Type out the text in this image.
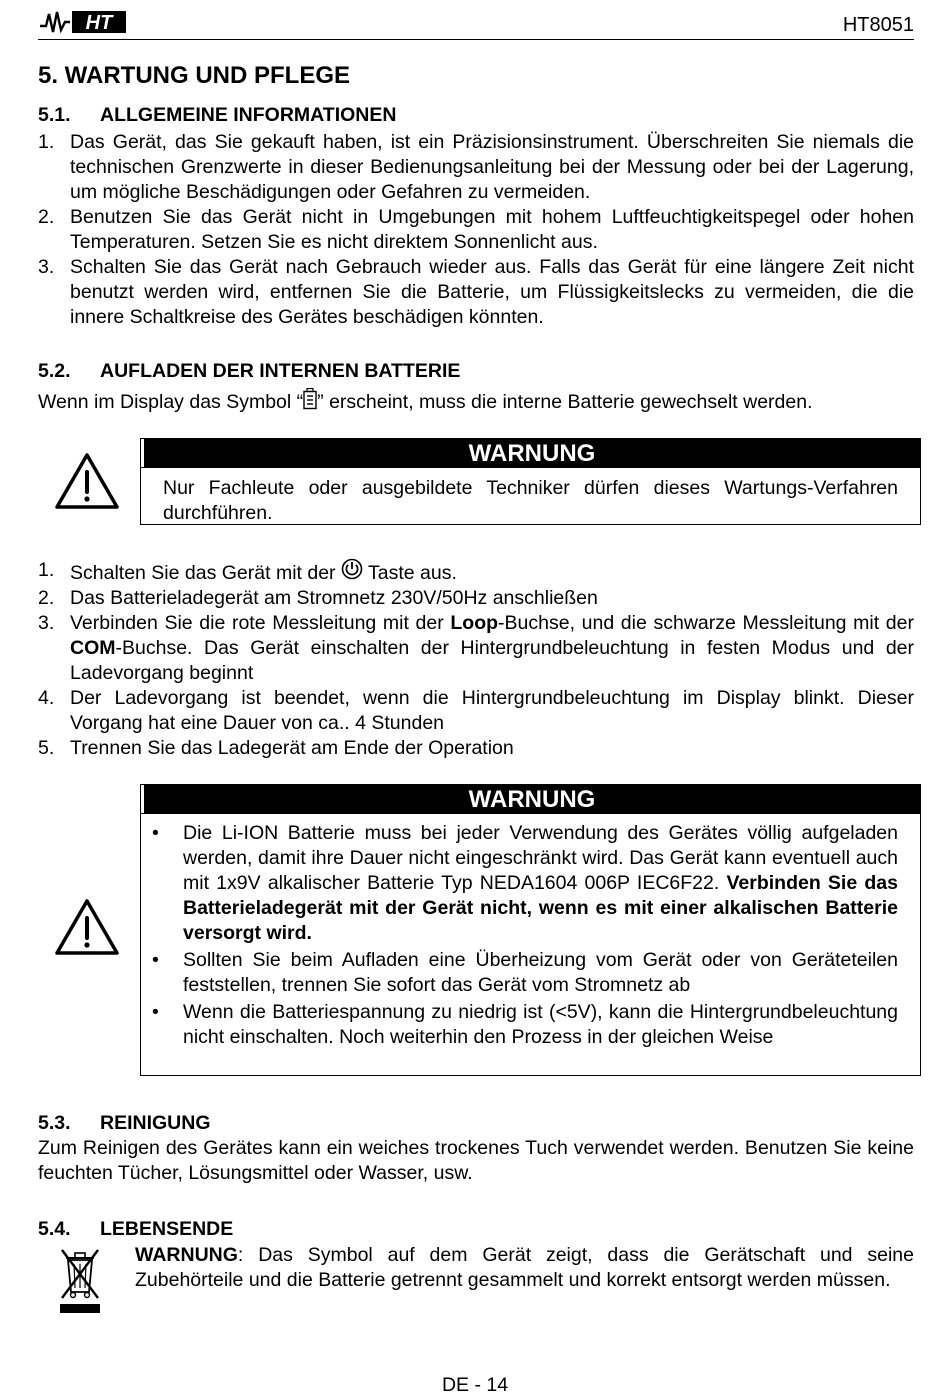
HT	HT8051
5. WARTUNG UND PFLEGE
5.1. ALLGEMEINE INFORMATIONEN
1. Das Gerät, das Sie gekauft haben, ist ein Präzisionsinstrument. Überschreiten Sie niemals die technischen Grenzwerte in dieser Bedienungsanleitung bei der Messung oder bei der Lagerung, um mögliche Beschädigungen oder Gefahren zu vermeiden.
2. Benutzen Sie das Gerät nicht in Umgebungen mit hohem Luftfeuchtigkeitspegel oder hohen Temperaturen. Setzen Sie es nicht direktem Sonnenlicht aus.
3. Schalten Sie das Gerät nach Gebrauch wieder aus. Falls das Gerät für eine längere Zeit nicht benutzt werden wird, entfernen Sie die Batterie, um Flüssigkeitslecks zu vermeiden, die die innere Schaltkreise des Gerätes beschädigen könnten.
5.2. AUFLADEN DER INTERNEN BATTERIE
Wenn im Display das Symbol “ ” erscheint, muss die interne Batterie gewechselt werden.
WARNUNG

Nur Fachleute oder ausgebildete Techniker dürfen dieses Wartungs-Verfahren durchführen.

1. Schalten Sie das Gerät mit der  Taste aus.
2. Das Batterieladegerät am Stromnetz 230V/50Hz anschließen
3. Verbinden Sie die rote Messleitung mit der Loop-Buchse, und die schwarze Messleitung mit der COM-Buchse. Das Gerät einschalten der Hintergrundbeleuchtung in festen Modus und der Ladevorgang beginnt
4. Der Ladevorgang ist beendet, wenn die Hintergrundbeleuchtung im Display blinkt. Dieser Vorgang hat eine Dauer von ca.. 4 Stunden
5. Trennen Sie das Ladegerät am Ende der Operation
WARNUNG
• Die Li-ION Batterie muss bei jeder Verwendung des Gerätes völlig aufgeladen werden, damit ihre Dauer nicht eingeschränkt wird. Das Gerät kann eventuell auch mit 1x9V alkalischer Batterie Typ NEDA1604 006P IEC6F22. Verbinden Sie das Batterieladegerät mit der Gerät nicht, wenn es mit einer alkalischen Batterie versorgt wird.
• Sollten Sie beim Aufladen eine Überheizung vom Gerät oder von Geräteteilen feststellen, trennen Sie sofort das Gerät vom Stromnetz ab
• Wenn die Batteriespannung zu niedrig ist (<5V), kann die Hintergrundbeleuchtung nicht einschalten. Noch weiterhin den Prozess in der gleichen Weise
5.3. REINIGUNG

Zum Reinigen des Gerätes kann ein weiches trockenes Tuch verwendet werden. Benutzen Sie keine feuchten Tücher, Lösungsmittel oder Wasser, usw.

5.4. LEBENSENDE

WARNUNG: Das Symbol auf dem Gerät zeigt, dass die Gerätschaft und seine Zubehörteile und die Batterie getrennt gesammelt und korrekt entsorgt werden müssen.

DE - 14
